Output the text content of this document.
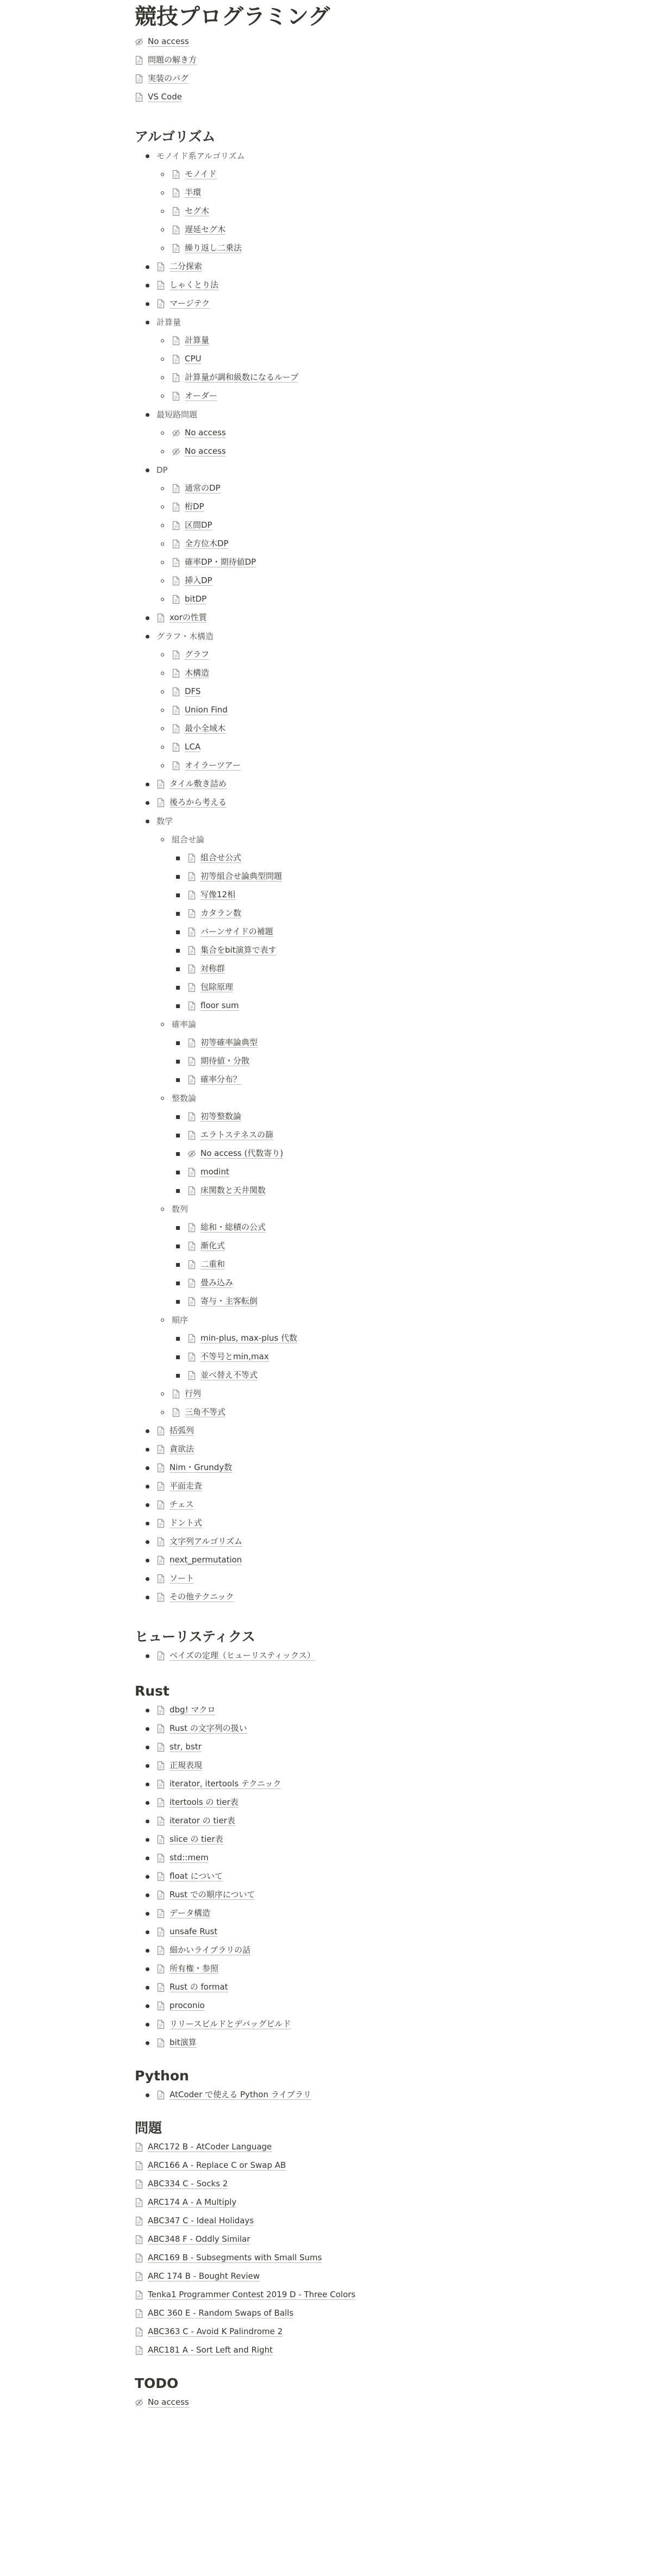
競技プログラミング
No access
問題の解き方
実装のバグ
VS Code
アルゴリズム
モノイド系アルゴリズム
モノイド
半環
セグ木
遅延セグ木
繰り返し二乗法
二分探索
しゃくとり法
マージテク
計算量
計算量
CPU
計算量が調和級数になるループ
オーダー
最短路問題
No access
No access
DP
通常のDP
桁DP
区間DP
全方位木DP
確率DP・期待値DP
挿入DP
bitDP
xorの性質
グラフ・木構造
グラフ
木構造
DFS
Union Find
最小全域木
LCA
オイラーツアー
タイル敷き詰め
後ろから考える
数学
組合せ論
組合せ公式
初等組合せ論典型問題
写像12相
カタラン数
バーンサイドの補題
集合をbit演算で表す
対称群
包除原理
floor sum
確率論
初等確率論典型
期待値・分散
確率分布？
整数論
初等整数論
エラトステネスの篩
No access (代数寄り)
modint
床関数と天井関数
数列
総和・総積の公式
漸化式
二重和
畳み込み
寄与・主客転倒
順序
min-plus, max-plus 代数
不等号とmin,max
並べ替え不等式
行列
三角不等式
括弧列
貪欲法
Nim・Grundy数
平面走査
チェス
ドント式
文字列アルゴリズム
next_permutation
ソート
その他テクニック
ヒューリスティクス
ベイズの定理（ヒューリスティックス）
Rust
dbg! マクロ
Rust の文字列の扱い
str, bstr
正規表現
iterator, itertools テクニック
itertools の tier表
iterator の tier表
slice の tier表
std::mem
float について
Rust での順序について
データ構造
unsafe Rust
細かいライブラリの話
所有権・参照
Rust の format
proconio
リリースビルドとデバッグビルド
bit演算
Python
AtCoder で使える Python ライブラリ
問題
ARC172 B - AtCoder Language
ARC166 A - Replace C or Swap AB
ABC334 C - Socks 2
ARC174 A - A Multiply
ABC347 C - Ideal Holidays
ABC348 F - Oddly Similar
ARC169 B - Subsegments with Small Sums
ARC 174 B - Bought Review
Tenka1 Programmer Contest 2019 D - Three Colors
ABC 360 E - Random Swaps of Balls
ABC363 C - Avoid K Palindrome 2
ARC181 A - Sort Left and Right
TODO
No access
